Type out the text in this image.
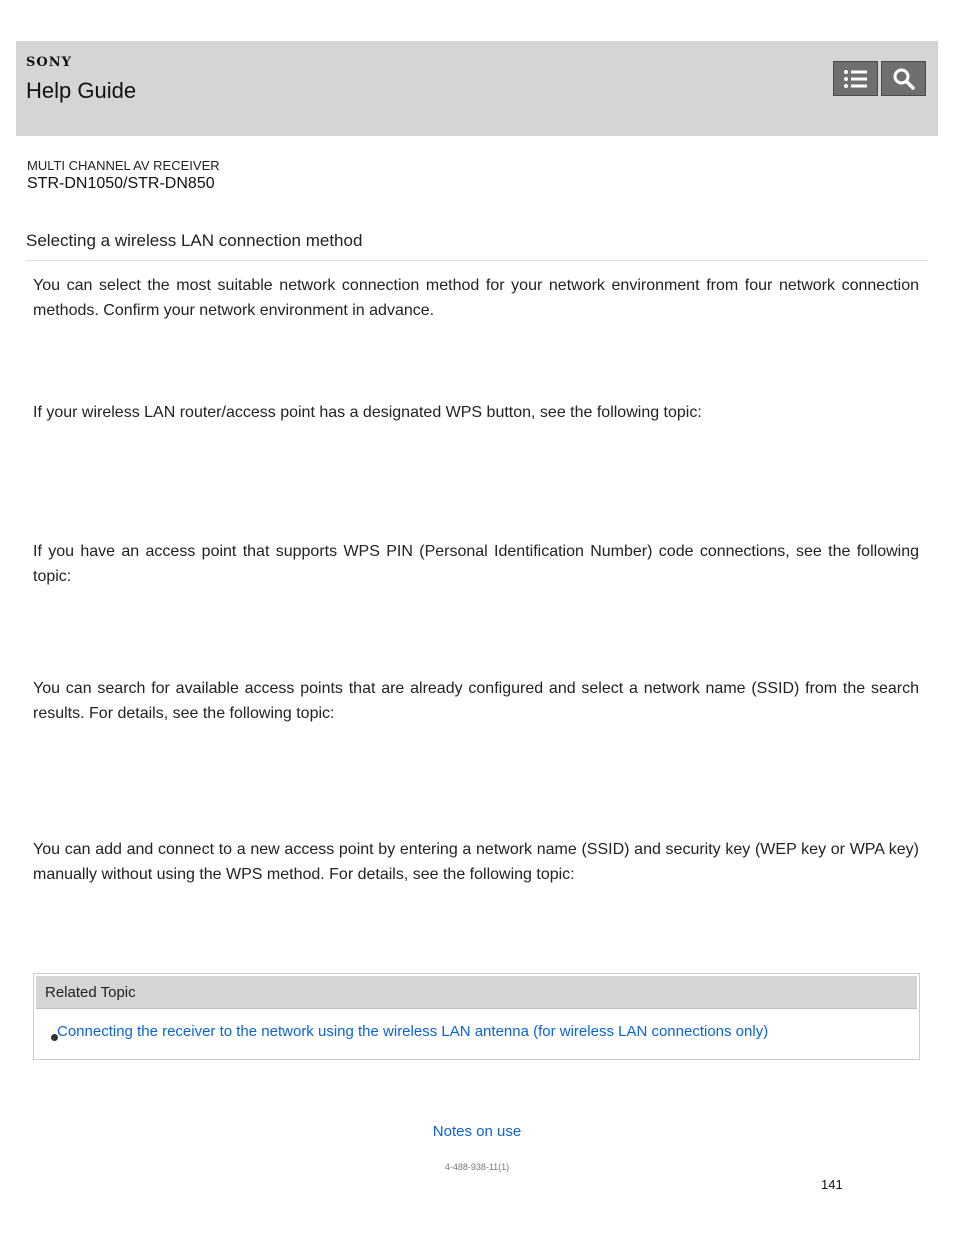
SONY
Help Guide
MULTI CHANNEL AV RECEIVER
STR-DN1050/STR-DN850
Selecting a wireless LAN connection method

You can select the most suitable network connection method for your network environment from four network connection methods. Confirm your network environment in advance.

If your wireless LAN router/access point has a designated WPS button, see the following topic:

If you have an access point that supports WPS PIN (Personal Identification Number) code connections, see the following topic:

You can search for available access points that are already configured and select a network name (SSID) from the search results. For details, see the following topic:

You can add and connect to a new access point by entering a network name (SSID) and security key (WEP key or WPA key) manually without using the WPS method. For details, see the following topic:

Related Topic
Connecting the receiver to the network using the wireless LAN antenna (for wireless LAN connections only)
Notes on use
4-488-938-11(1)
141
